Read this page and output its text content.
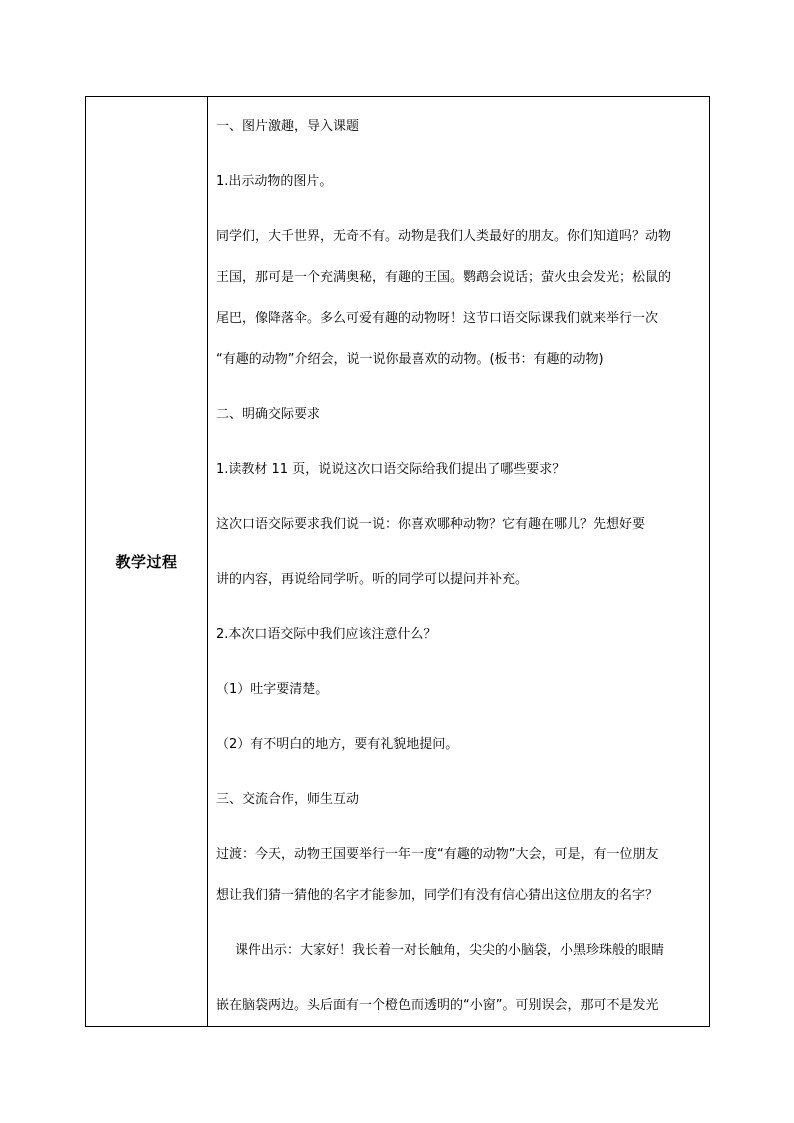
教学过程	
一、图片激趣，导入课题
1.出示动物的图片。
同学们，大千世界，无奇不有。动物是我们人类最好的朋友。你们知道吗？动物
王国，那可是一个充满奥秘，有趣的王国。鹦鹉会说话；萤火虫会发光；松鼠的
尾巴，像降落伞。多么可爱有趣的动物呀！这节口语交际课我们就来举行一次
“有趣的动物”介绍会，说一说你最喜欢的动物。(板书：有趣的动物)
二、明确交际要求
1.读教材 11 页，说说这次口语交际给我们提出了哪些要求？
这次口语交际要求我们说一说：你喜欢哪种动物？它有趣在哪儿？先想好要
讲的内容，再说给同学听。听的同学可以提问并补充。
2.本次口语交际中我们应该注意什么？
（1）吐字要清楚。
（2）有不明白的地方，要有礼貌地提问。
三、交流合作，师生互动
过渡：今天，动物王国要举行一年一度“有趣的动物”大会，可是，有一位朋友
想让我们猜一猜他的名字才能参加，同学们有没有信心猜出这位朋友的名字？
课件出示：大家好！我长着一对长触角，尖尖的小脑袋，小黑珍珠般的眼睛
嵌在脑袋两边。头后面有一个橙色而透明的“小窗”。可别误会，那可不是发光
